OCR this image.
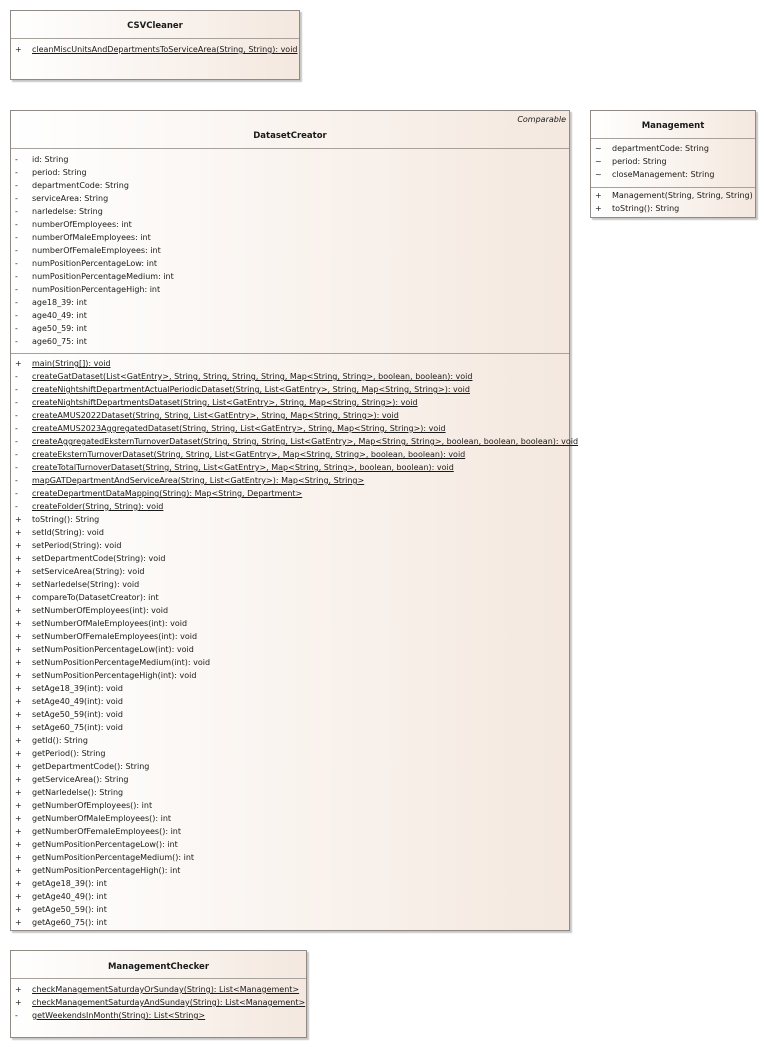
CSVCleaner
+ cleanMiscUnitsAndDepartmentsToServiceArea(String, String): void
Comparable
DatasetCreator
-	id: String
-	period: String
-	departmentCode: String
-	serviceArea: String
-	narledelse: String
-	numberOfEmployees: int
-	numberOfMaleEmployees: int
-	numberOfFemaleEmployees: int
-	numPositionPercentageLow: int
-	numPositionPercentageMedium: int
-	numPositionPercentageHigh: int
-	age18_39: int
-	age40_49: int
-	age50_59: int
-	age60_75: int
+ main(String[]): void
-	createGatDataset(List<GatEntry>, String, String, String, String, Map<String, String>, boolean, boolean): void
-	createNightshiftDepartmentActualPeriodicDataset(String, List<GatEntry>, String, Map<String, String>): void
-	createNightshiftDepartmentsDataset(String, List<GatEntry>, String, Map<String, String>): void
-	createAMUS2022Dataset(String, String, List<GatEntry>, String, Map<String, String>): void
-	createAMUS2023AggregatedDataset(String, String, List<GatEntry>, String, Map<String, String>): void
-	createAggregatedEksternTurnoverDataset(String, String, String, List<GatEntry>, Map<String, String>, boolean, boolean, boolean): void
-	createEksternTurnoverDataset(String, String, List<GatEntry>, Map<String, String>, boolean, boolean): void
-	createTotalTurnoverDataset(String, String, List<GatEntry>, Map<String, String>, boolean, boolean): void
-	mapGATDepartmentAndServiceArea(String, List<GatEntry>): Map<String, String>
-	createDepartmentDataMapping(String): Map<String, Department>
-	createFolder(String, String): void
+ toString(): String
+ setId(String): void
+ setPeriod(String): void
+ setDepartmentCode(String): void
+ setServiceArea(String): void
+ setNarledelse(String): void
+ compareTo(DatasetCreator): int
+ setNumberOfEmployees(int): void
+ setNumberOfMaleEmployees(int): void
+ setNumberOfFemaleEmployees(int): void
+ setNumPositionPercentageLow(int): void
+ setNumPositionPercentageMedium(int): void
+ setNumPositionPercentageHigh(int): void
+ setAge18_39(int): void
+ setAge40_49(int): void
+ setAge50_59(int): void
+ setAge60_75(int): void
+ getId(): String
+ getPeriod(): String
+ getDepartmentCode(): String
+ getServiceArea(): String
+ getNarledelse(): String
+ getNumberOfEmployees(): int
+ getNumberOfMaleEmployees(): int
+ getNumberOfFemaleEmployees(): int
+ getNumPositionPercentageLow(): int
+ getNumPositionPercentageMedium(): int
+ getNumPositionPercentageHigh(): int
+ getAge18_39(): int
+ getAge40_49(): int
+ getAge50_59(): int
+ getAge60_75(): int
Management
~ departmentCode: String
~ period: String
~ closeManagement: String
+ Management(String, String, String)
+ toString(): String
ManagementChecker
+ checkManagementSaturdayOrSunday(String): List<Management>
+ checkManagementSaturdayAndSunday(String): List<Management>
-	getWeekendsInMonth(String): List<String>
